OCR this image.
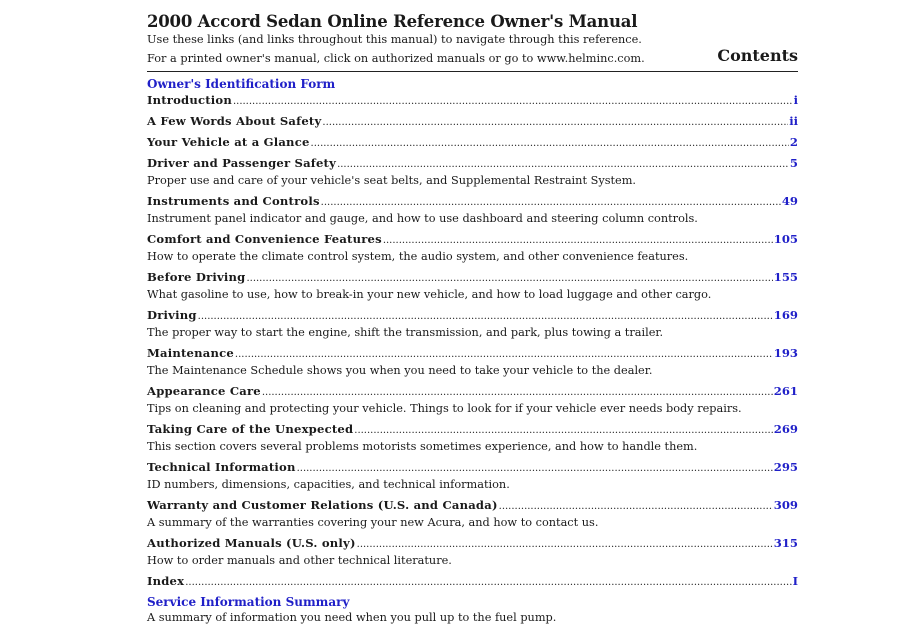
2000 Accord Sedan Online Reference Owner's Manual
Use these links (and links throughout this manual) to navigate through this reference.
For a printed owner's manual, click on authorized manuals or go to www.helminc.com.	Contents
Owner's Identification Form
Introduction .....	i
A Few Words About Safety .....	ii
Your Vehicle at a Glance .....	2
Driver and Passenger Safety .....	5
Proper use and care of your vehicle's seat belts, and Supplemental Restraint System.
Instruments and Controls .....	49
Instrument panel indicator and gauge, and how to use dashboard and steering column controls.
Comfort and Convenience Features .....	105
How to operate the climate control system, the audio system, and other convenience features.
Before Driving .....	155
What gasoline to use, how to break-in your new vehicle, and how to load luggage and other cargo.
Driving .....	169
The proper way to start the engine, shift the transmission, and park, plus towing a trailer.
Maintenance .....	193
The Maintenance Schedule shows you when you need to take your vehicle to the dealer.
Appearance Care .....	261
Tips on cleaning and protecting your vehicle. Things to look for if your vehicle ever needs body repairs.
Taking Care of the Unexpected .....	269
This section covers several problems motorists sometimes experience, and how to handle them.
Technical Information .....	295
ID numbers, dimensions, capacities, and technical information.
Warranty and Customer Relations (U.S. and Canada) .....	309
A summary of the warranties covering your new Acura, and how to contact us.
Authorized Manuals (U.S. only) .....	315
How to order manuals and other technical literature.
Index .....	I
Service Information Summary
A summary of information you need when you pull up to the fuel pump.
